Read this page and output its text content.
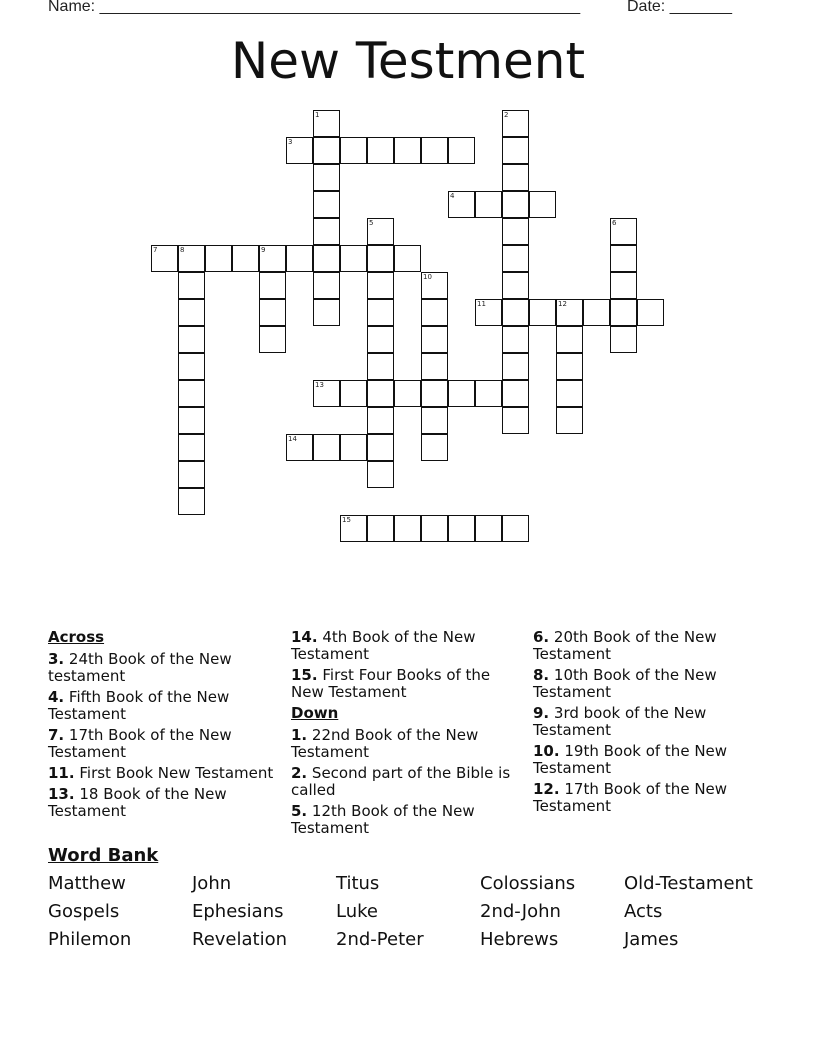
Name: ______________________________________________________	Date: _______
New Testment
1	2
3
4
5	6
7	8	9
10
11	12
13
14
15
Across
3. 24th Book of the New testament
4. Fifth Book of the New Testament
7. 17th Book of the New Testament
11. First Book New Testament
13. 18 Book of the New Testament
14. 4th Book of the New Testament
15. First Four Books of the New Testament
Down
1. 22nd Book of the New Testament
2. Second part of the Bible is called
5. 12th Book of the New Testament
6. 20th Book of the New Testament
8. 10th Book of the New Testament
9. 3rd book of the New Testament
10. 19th Book of the New Testament
12. 17th Book of the New Testament
Word Bank
Matthew	John	Titus	Colossians	Old-Testament
Gospels	Ephesians	Luke	2nd-John	Acts
Philemon	Revelation	2nd-Peter	Hebrews	James
